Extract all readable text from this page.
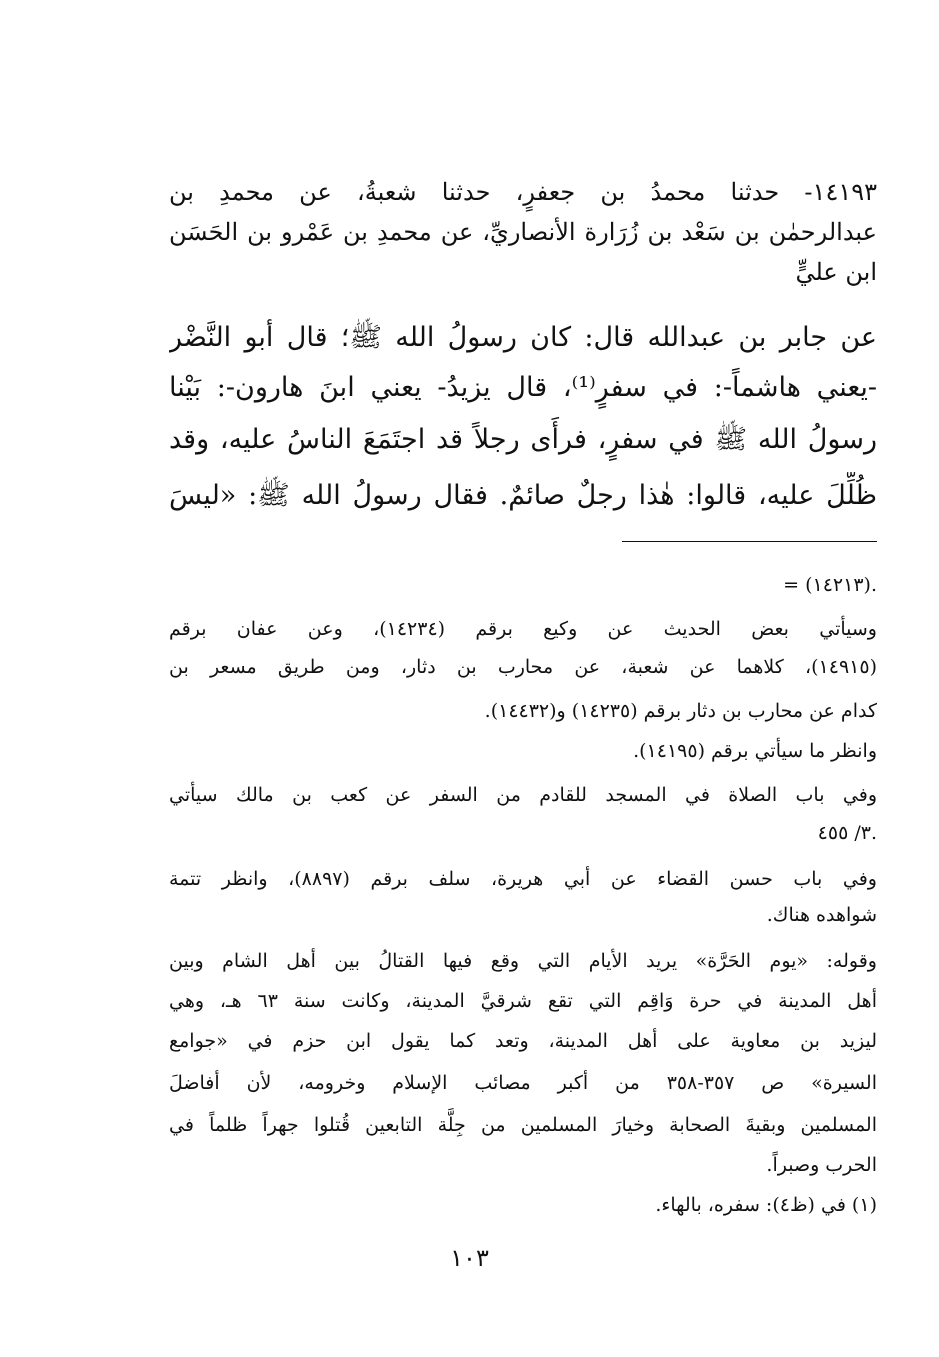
١٤١٩٣- حدثنا محمدُ بن جعفرٍ، حدثنا شعبةُ، عن محمدِ بن
عبدالرحمٰن بن سَعْد بن زُرَارة الأنصاريِّ، عن محمدِ بن عَمْرو بن الحَسَن
ابن عليٍّ
عن جابر بن عبدالله قال: كان رسولُ الله ﷺ؛ قال أبو النَّضْر
-يعني هاشماً-: في سفرٍ⁽¹⁾، قال يزيدُ- يعني ابنَ هارون-: بَيْنا
رسولُ الله ﷺ في سفرٍ، فرأَى رجلاً قد اجتَمَعَ الناسُ عليه، وقد
ظُلِّلَ عليه، قالوا: هٰذا رجلٌ صائمٌ. فقال رسولُ الله ﷺ: «ليسَ
= (١٤٢١٣).
وسيأتي بعض الحديث عن وكيع برقم (١٤٢٣٤)، وعن عفان برقم
(١٤٩١٥)، كلاهما عن شعبة، عن محارب بن دثار، ومن طريق مسعر بن
كدام عن محارب بن دثار برقم (١٤٢٣٥) و(١٤٤٣٢).
وانظر ما سيأتي برقم (١٤١٩٥).
وفي باب الصلاة في المسجد للقادم من السفر عن كعب بن مالك سيأتي
٣/ ٤٥٥.
وفي باب حسن القضاء عن أبي هريرة، سلف برقم (٨٨٩٧)، وانظر تتمة
شواهده هناك.
وقوله: «يوم الحَرَّة» يريد الأيام التي وقع فيها القتالُ بين أهل الشام وبين
أهل المدينة في حرة وَاقِم التي تقع شرقيَّ المدينة، وكانت سنة ٦٣ هـ، وهي
ليزيد بن معاوية على أهل المدينة، وتعد كما يقول ابن حزم في «جوامع
السيرة» ص ٣٥٧-٣٥٨ من أكبر مصائب الإسلام وخرومه، لأن أفاضلَ
المسلمين وبقيةَ الصحابة وخيارَ المسلمين من جِلَّة التابعين قُتلوا جهراً ظلماً في
الحرب وصبراً.
(١) في (ظ٤): سفره، بالهاء.
١٠٣
